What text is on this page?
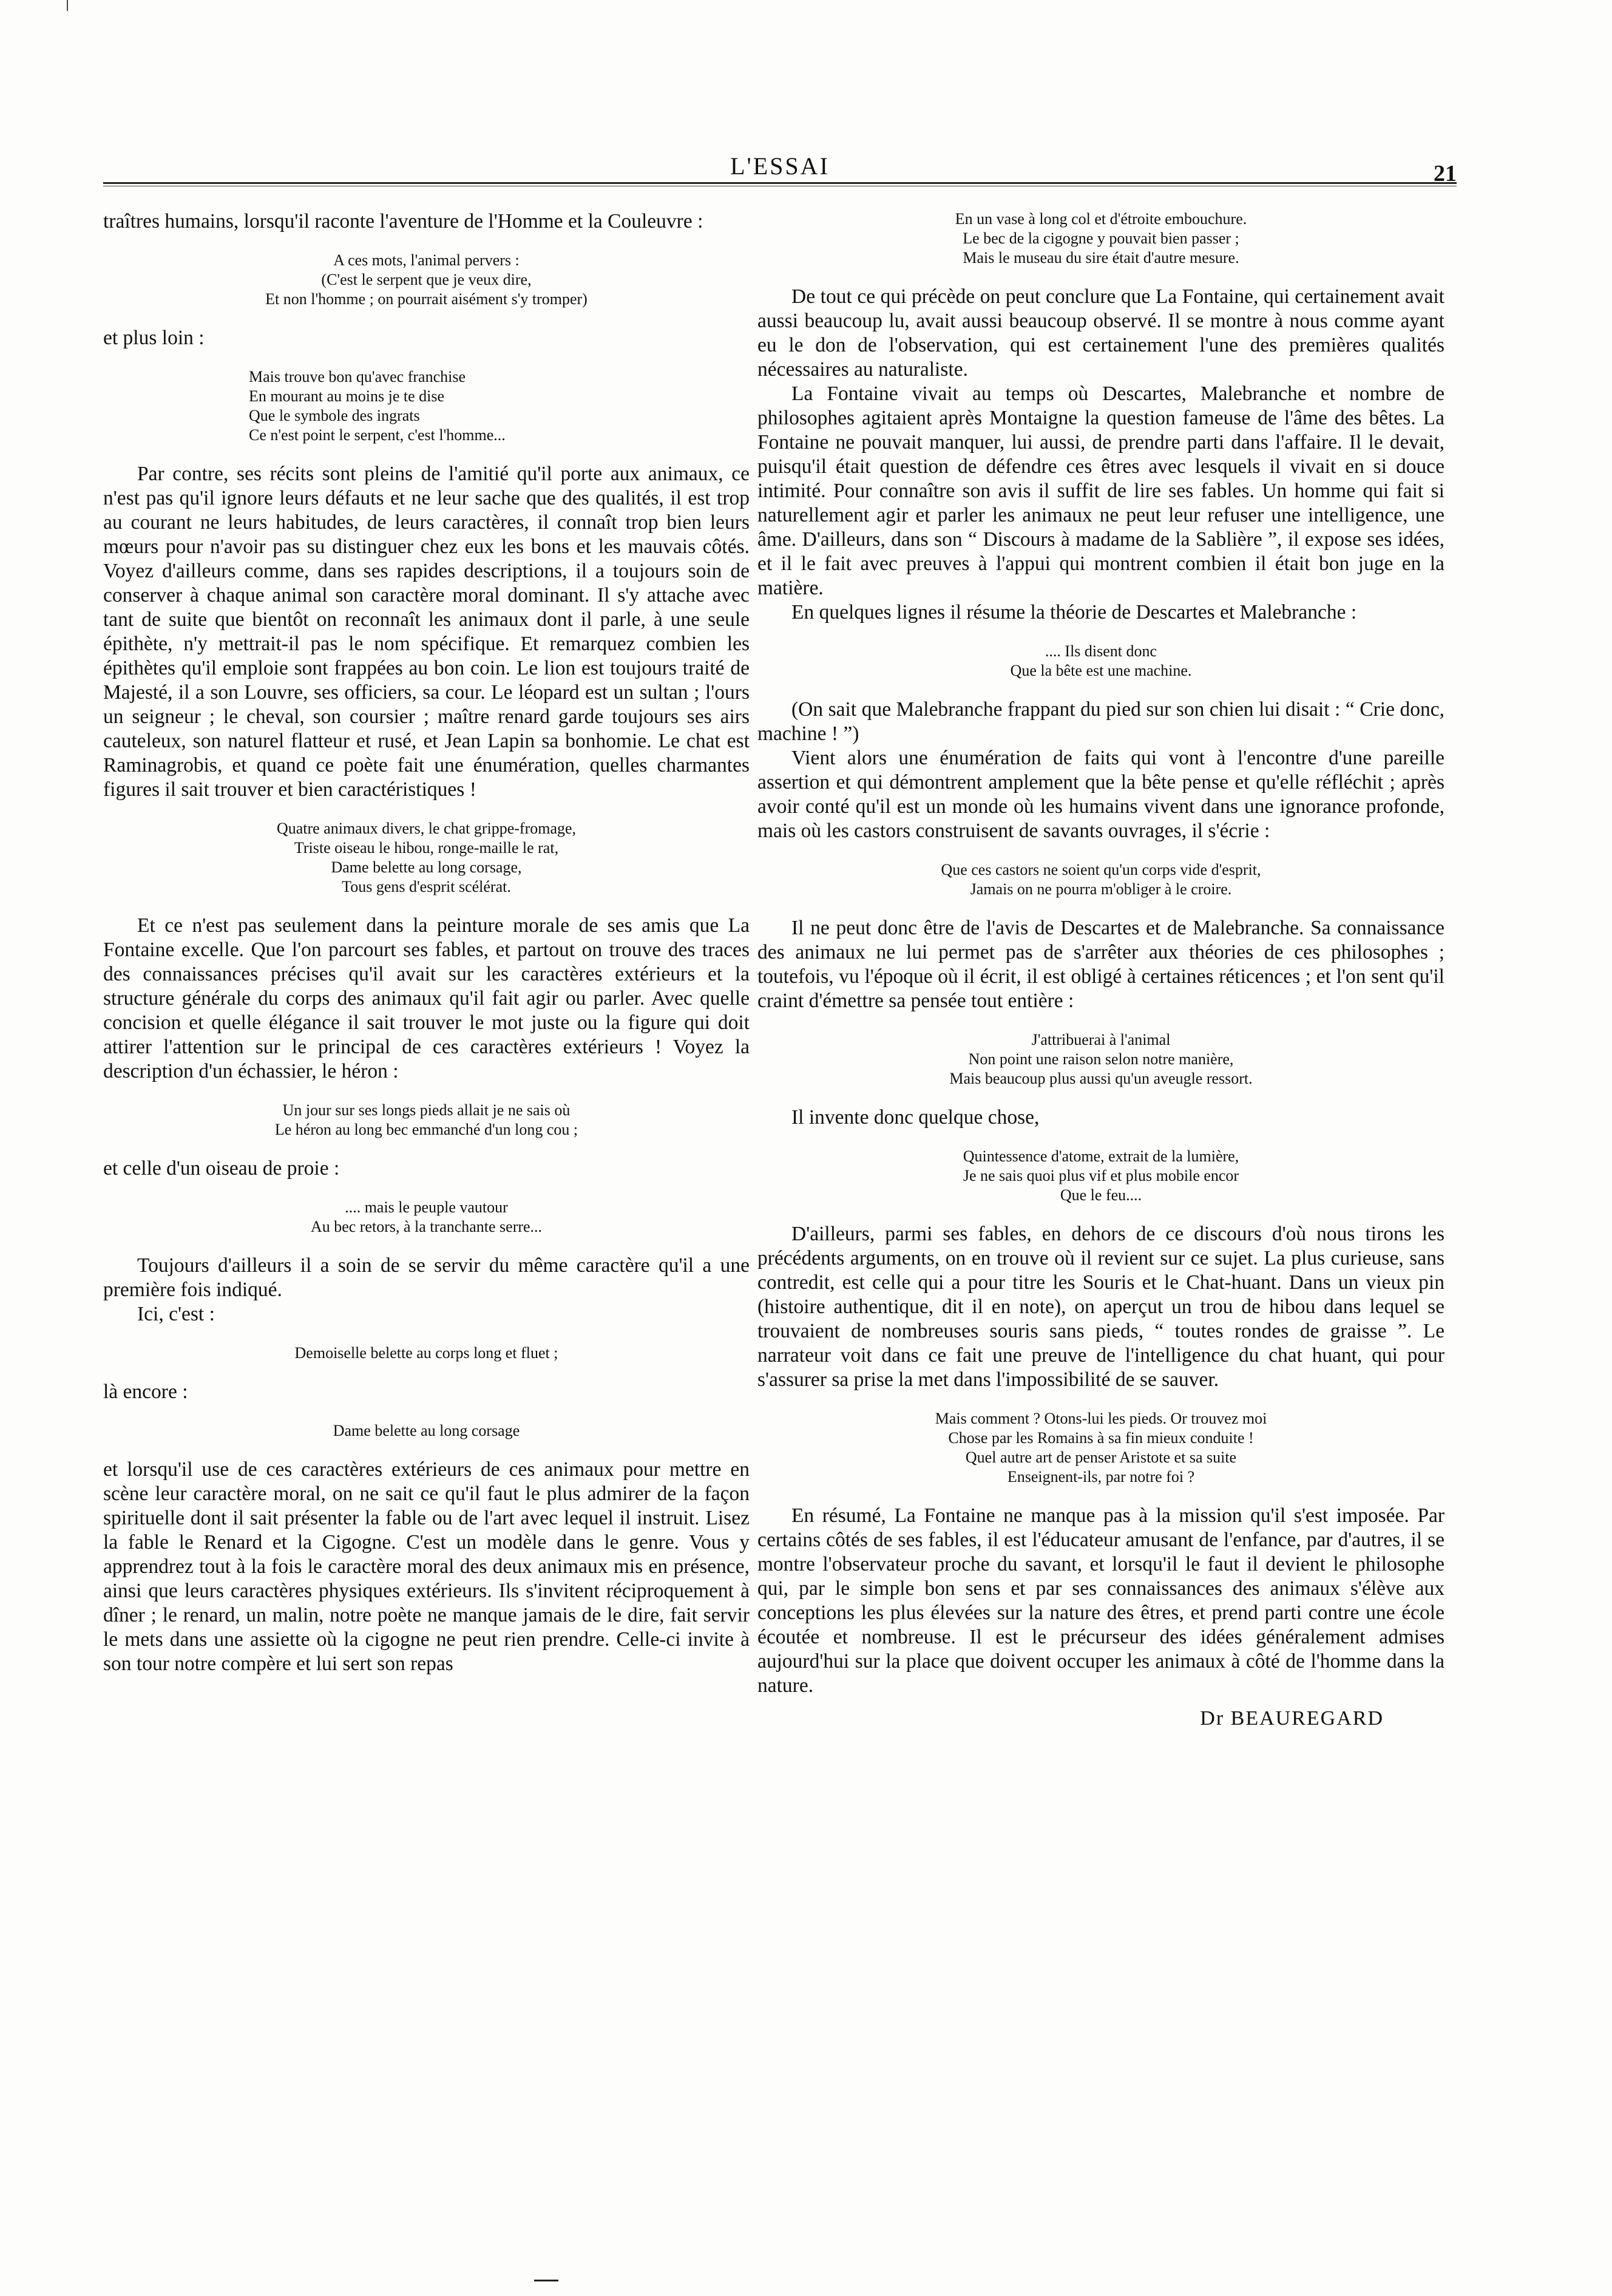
L'ESSAI	21

traîtres humains, lorsqu'il raconte l'aventure de l'Homme et la Couleuvre :

A ces mots, l'animal pervers :
(C'est le serpent que je veux dire,
Et non l'homme ; on pourrait aisément s'y tromper)

et plus loin :

Mais trouve bon qu'avec franchise
En mourant au moins je te dise
Que le symbole des ingrats
Ce n'est point le serpent, c'est l'homme...

Par contre, ses récits sont pleins de l'amitié qu'il porte aux animaux, ce n'est pas qu'il ignore leurs défauts et ne leur sache que des qualités, il est trop au courant ne leurs habitudes, de leurs caractères, il connaît trop bien leurs mœurs pour n'avoir pas su distinguer chez eux les bons et les mauvais côtés. Voyez d'ailleurs comme, dans ses rapides descriptions, il a toujours soin de conserver à chaque animal son caractère moral dominant. Il s'y attache avec tant de suite que bientôt on reconnaît les animaux dont il parle, à une seule épithète, n'y mettrait-il pas le nom spécifique. Et remarquez combien les épithètes qu'il emploie sont frappées au bon coin. Le lion est toujours traité de Majesté, il a son Louvre, ses officiers, sa cour. Le léopard est un sultan ; l'ours un seigneur ; le cheval, son coursier ; maître renard garde toujours ses airs cauteleux, son naturel flatteur et rusé, et Jean Lapin sa bonhomie. Le chat est Raminagrobis, et quand ce poète fait une énumération, quelles charmantes figures il sait trouver et bien caractéristiques !

Quatre animaux divers, le chat grippe-fromage,
Triste oiseau le hibou, ronge-maille le rat,
Dame belette au long corsage,
Tous gens d'esprit scélérat.

Et ce n'est pas seulement dans la peinture morale de ses amis que La Fontaine excelle. Que l'on parcourt ses fables, et partout on trouve des traces des connaissances précises qu'il avait sur les caractères extérieurs et la structure générale du corps des animaux qu'il fait agir ou parler. Avec quelle concision et quelle élégance il sait trouver le mot juste ou la figure qui doit attirer l'attention sur le principal de ces caractères extérieurs ! Voyez la description d'un échassier, le héron :

Un jour sur ses longs pieds allait je ne sais où
Le héron au long bec emmanché d'un long cou ;

et celle d'un oiseau de proie :

.... mais le peuple vautour
Au bec retors, à la tranchante serre...

Toujours d'ailleurs il a soin de se servir du même caractère qu'il a une première fois indiqué.

Ici, c'est :

Demoiselle belette au corps long et fluet ;

là encore :

Dame belette au long corsage

et lorsqu'il use de ces caractères extérieurs de ces animaux pour mettre en scène leur caractère moral, on ne sait ce qu'il faut le plus admirer de la façon spirituelle dont il sait présenter la fable ou de l'art avec lequel il instruit. Lisez la fable le Renard et la Cigogne. C'est un modèle dans le genre. Vous y apprendrez tout à la fois le caractère moral des deux animaux mis en présence, ainsi que leurs caractères physiques extérieurs. Ils s'invitent réciproquement à dîner ; le renard, un malin, notre poète ne manque jamais de le dire, fait servir le mets dans une assiette où la cigogne ne peut rien prendre. Celle-ci invite à son tour notre compère et lui sert son repas

En un vase à long col et d'étroite embouchure.
Le bec de la cigogne y pouvait bien passer ;
Mais le museau du sire était d'autre mesure.

De tout ce qui précède on peut conclure que La Fontaine, qui certainement avait aussi beaucoup lu, avait aussi beaucoup observé. Il se montre à nous comme ayant eu le don de l'observation, qui est certainement l'une des premières qualités nécessaires au naturaliste.

La Fontaine vivait au temps où Descartes, Malebranche et nombre de philosophes agitaient après Montaigne la question fameuse de l'âme des bêtes. La Fontaine ne pouvait manquer, lui aussi, de prendre parti dans l'affaire. Il le devait, puisqu'il était question de défendre ces êtres avec lesquels il vivait en si douce intimité. Pour connaître son avis il suffit de lire ses fables. Un homme qui fait si naturellement agir et parler les animaux ne peut leur refuser une intelligence, une âme. D'ailleurs, dans son “ Discours à madame de la Sablière ”, il expose ses idées, et il le fait avec preuves à l'appui qui montrent combien il était bon juge en la matière.

En quelques lignes il résume la théorie de Descartes et Malebranche :

.... Ils disent donc
Que la bête est une machine.

(On sait que Malebranche frappant du pied sur son chien lui disait : “ Crie donc, machine ! ”)

Vient alors une énumération de faits qui vont à l'encontre d'une pareille assertion et qui démontrent amplement que la bête pense et qu'elle réfléchit ; après avoir conté qu'il est un monde où les humains vivent dans une ignorance profonde, mais où les castors construisent de savants ouvrages, il s'écrie :

Que ces castors ne soient qu'un corps vide d'esprit,
Jamais on ne pourra m'obliger à le croire.

Il ne peut donc être de l'avis de Descartes et de Malebranche. Sa connaissance des animaux ne lui permet pas de s'arrêter aux théories de ces philosophes ; toutefois, vu l'époque où il écrit, il est obligé à certaines réticences ; et l'on sent qu'il craint d'émettre sa pensée tout entière :

J'attribuerai à l'animal
Non point une raison selon notre manière,
Mais beaucoup plus aussi qu'un aveugle ressort.

Il invente donc quelque chose,

Quintessence d'atome, extrait de la lumière,
Je ne sais quoi plus vif et plus mobile encor
Que le feu....

D'ailleurs, parmi ses fables, en dehors de ce discours d'où nous tirons les précédents arguments, on en trouve où il revient sur ce sujet. La plus curieuse, sans contredit, est celle qui a pour titre les Souris et le Chat-huant. Dans un vieux pin (histoire authentique, dit il en note), on aperçut un trou de hibou dans lequel se trouvaient de nombreuses souris sans pieds, “ toutes rondes de graisse ”. Le narrateur voit dans ce fait une preuve de l'intelligence du chat huant, qui pour s'assurer sa prise la met dans l'impossibilité de se sauver.

Mais comment ? Otons-lui les pieds. Or trouvez moi
Chose par les Romains à sa fin mieux conduite !
Quel autre art de penser Aristote et sa suite
Enseignent-ils, par notre foi ?

En résumé, La Fontaine ne manque pas à la mission qu'il s'est imposée. Par certains côtés de ses fables, il est l'éducateur amusant de l'enfance, par d'autres, il se montre l'observateur proche du savant, et lorsqu'il le faut il devient le philosophe qui, par le simple bon sens et par ses connaissances des animaux s'élève aux conceptions les plus élevées sur la nature des êtres, et prend parti contre une école écoutée et nombreuse. Il est le précurseur des idées généralement admises aujourd'hui sur la place que doivent occuper les animaux à côté de l'homme dans la nature.

Dr BEAUREGARD
